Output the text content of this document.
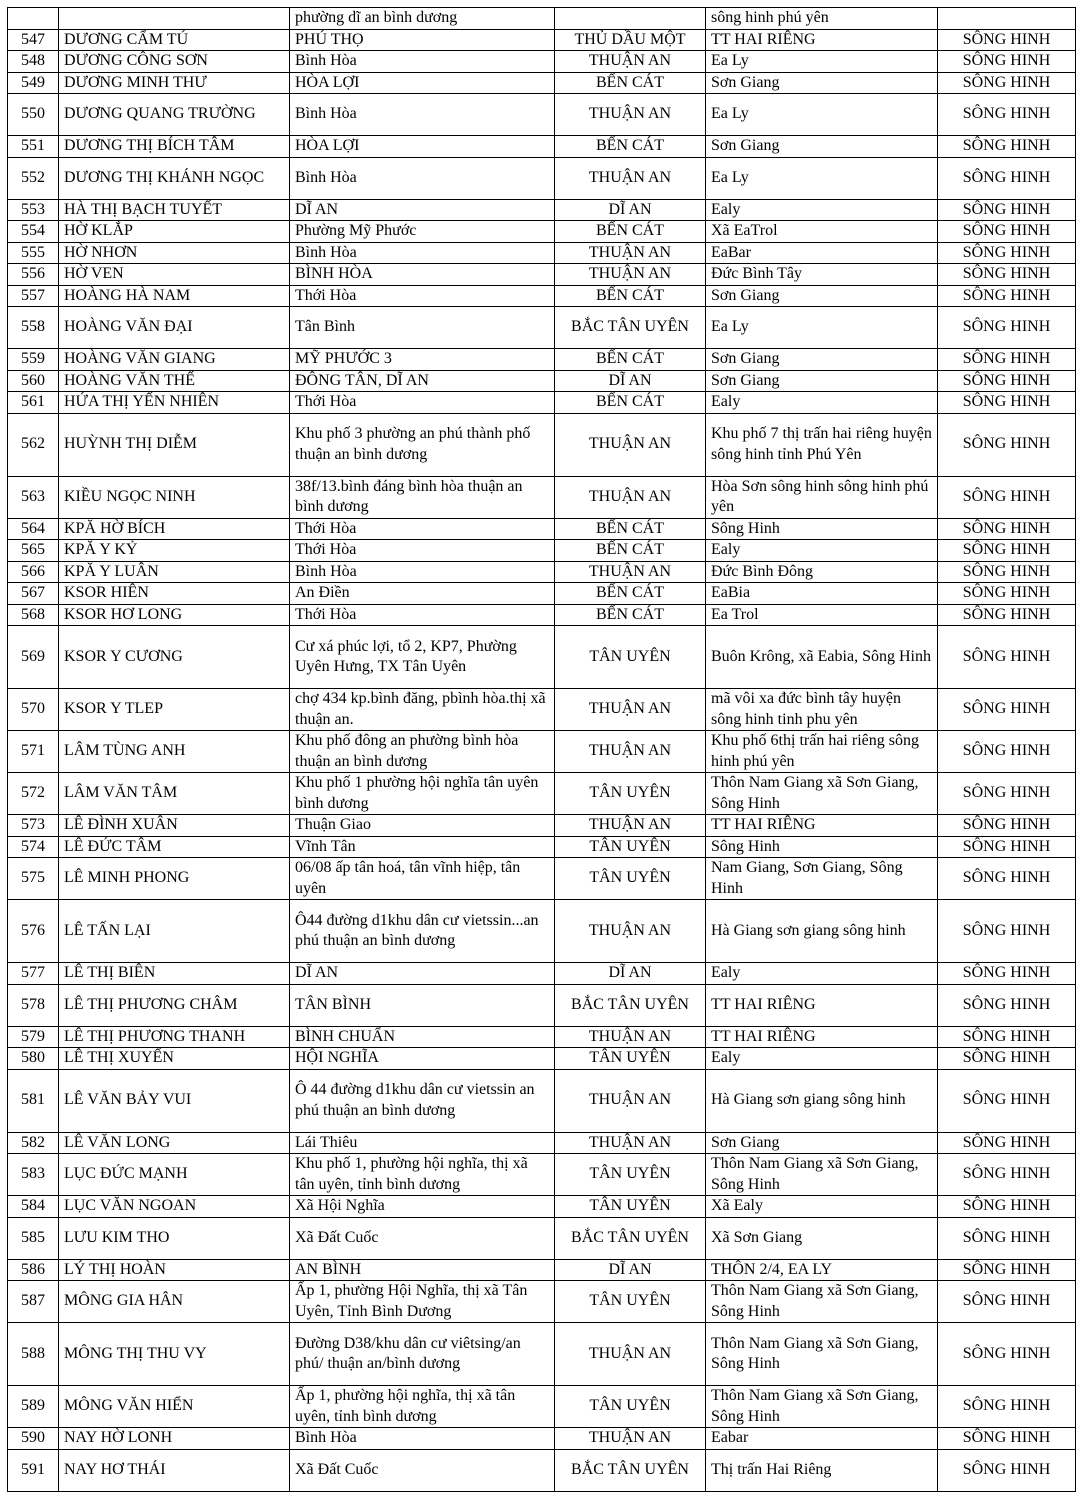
		phường dĩ an bình dương		sông hinh phú yên	
547	DƯƠNG CẨM TÚ	PHÚ THỌ	THỦ DẦU MỘT	TT HAI RIÊNG	SÔNG HINH
548	DƯƠNG CÔNG SƠN	Bình Hòa	THUẬN AN	Ea Ly	SÔNG HINH
549	DƯƠNG MINH THƯ	HÒA LỢI	BẾN CÁT	Sơn Giang	SÔNG HINH
550	DƯƠNG QUANG TRƯỜNG	Bình Hòa	THUẬN AN	Ea Ly	SÔNG HINH
551	DƯƠNG THỊ BÍCH TÂM	HÒA LỢI	BẾN CÁT	Sơn Giang	SÔNG HINH
552	DƯƠNG THỊ KHÁNH NGỌC	Bình Hòa	THUẬN AN	Ea Ly	SÔNG HINH
553	HÀ THỊ BẠCH TUYẾT	DĨ AN	DĨ AN	Ealy	SÔNG HINH
554	HỜ KLẮP	Phường Mỹ Phước	BẾN CÁT	Xã EaTrol	SÔNG HINH
555	HỜ NHƠN	Bình Hòa	THUẬN AN	EaBar	SÔNG HINH
556	HỜ VEN	BÌNH HÒA	THUẬN AN	Đức Bình Tây	SÔNG HINH
557	HOÀNG HÀ NAM	Thới Hòa	BẾN CÁT	Sơn Giang	SÔNG HINH
558	HOÀNG VĂN ĐẠI	Tân Bình	BẮC TÂN UYÊN	Ea Ly	SÔNG HINH
559	HOÀNG VĂN GIANG	MỸ PHƯỚC 3	BẾN CÁT	Sơn Giang	SÔNG HINH
560	HOÀNG VĂN THẾ	ĐÔNG TÂN, DĨ AN	DĨ AN	Sơn Giang	SÔNG HINH
561	HỨA THỊ YẾN NHIÊN	Thới Hòa	BẾN CÁT	Ealy	SÔNG HINH
562	HUỲNH THỊ DIỄM	Khu phố 3 phường an phú thành phố thuận an bình dương	THUẬN AN	Khu phố 7 thị trấn hai riêng huyện sông hinh tỉnh Phú Yên	SÔNG HINH
563	KIỀU NGỌC NINH	38f/13.bình đáng bình hòa thuận an bình dương	THUẬN AN	Hòa Sơn sông hinh sông hinh phú yên	SÔNG HINH
564	KPĂ HỜ BÍCH	Thới Hòa	BẾN CÁT	Sông Hinh	SÔNG HINH
565	KPĂ Y KỶ	Thới Hòa	BẾN CÁT	Ealy	SÔNG HINH
566	KPĂ Y LUÂN	Bình Hòa	THUẬN AN	Đức Bình Đông	SÔNG HINH
567	KSOR HIÊN	An Điền	BẾN CÁT	EaBia	SÔNG HINH
568	KSOR HƠ LONG	Thới Hòa	BẾN CÁT	Ea Trol	SÔNG HINH
569	KSOR Y CƯƠNG	Cư xá phúc lợi, tổ 2, KP7, Phường Uyên Hưng, TX Tân Uyên	TÂN UYÊN	Buôn Krông, xã Eabia, Sông Hinh	SÔNG HINH
570	KSOR Y TLEP	chợ 434 kp.bình đăng, pbình hòa.thị xã thuận an.	THUẬN AN	mã vôi xa đức bình tây huyện sông hinh tinh phu yên	SÔNG HINH
571	LÂM TÙNG ANH	Khu phố đông an phường bình hòa thuận an bình dương	THUẬN AN	Khu phố 6thị trấn hai riêng sông hinh phú yên	SÔNG HINH
572	LÂM VĂN TÂM	Khu phố 1 phường hội nghĩa tân uyên bình dương	TÂN UYÊN	Thôn Nam Giang xã Sơn Giang, Sông Hinh	SÔNG HINH
573	LÊ ĐÌNH XUÂN	Thuận Giao	THUẬN AN	TT HAI RIÊNG	SÔNG HINH
574	LÊ ĐỨC TÂM	Vĩnh Tân	TÂN UYÊN	Sông Hinh	SÔNG HINH
575	LÊ MINH PHONG	06/08 ấp tân hoá, tân vĩnh hiệp, tân uyên	TÂN UYÊN	Nam Giang, Sơn Giang, Sông Hinh	SÔNG HINH
576	LÊ TẤN LẠI	Ô44 đường d1khu dân cư vietssin...an phú thuận an bình dương	THUẬN AN	Hà Giang sơn giang sông hinh	SÔNG HINH
577	LÊ THỊ BIÊN	DĨ AN	DĨ AN	Ealy	SÔNG HINH
578	LÊ THỊ PHƯƠNG CHÂM	TÂN BÌNH	BẮC TÂN UYÊN	TT HAI RIÊNG	SÔNG HINH
579	LÊ THỊ PHƯƠNG THANH	BÌNH CHUẨN	THUẬN AN	TT HAI RIÊNG	SÔNG HINH
580	LÊ THỊ XUYẾN	HỘI NGHĨA	TÂN UYÊN	Ealy	SÔNG HINH
581	LÊ VĂN BẢY VUI	Ô 44 đường d1khu dân cư vietssin an phú thuận an bình dương	THUẬN AN	Hà Giang sơn giang sông hinh	SÔNG HINH
582	LÊ VĂN LONG	Lái Thiêu	THUẬN AN	Sơn Giang	SÔNG HINH
583	LỤC ĐỨC MẠNH	Khu phố 1, phường hội nghĩa, thị xã tân uyên, tỉnh bình dương	TÂN UYÊN	Thôn Nam Giang xã Sơn Giang, Sông Hinh	SÔNG HINH
584	LỤC VĂN NGOAN	Xã Hội Nghĩa	TÂN UYÊN	Xã Ealy	SÔNG HINH
585	LƯU KIM THO	Xã Đất Cuốc	BẮC TÂN UYÊN	Xã Sơn Giang	SÔNG HINH
586	LÝ THỊ HOÀN	AN BÌNH	DĨ AN	THÔN 2/4, EA LY	SÔNG HINH
587	MÔNG GIA HÂN	Ấp 1, phường Hội Nghĩa, thị xã Tân Uyên, Tỉnh Bình Dương	TÂN UYÊN	Thôn Nam Giang xã Sơn Giang, Sông Hinh	SÔNG HINH
588	MÔNG THỊ THU VY	Đường D38/khu dân cư viêtsing/an phú/ thuận an/bình dương	THUẬN AN	Thôn Nam Giang xã Sơn Giang, Sông Hinh	SÔNG HINH
589	MÔNG VĂN HIỂN	Ấp 1, phường hội nghĩa, thị xã tân uyên, tỉnh bình dương	TÂN UYÊN	Thôn Nam Giang xã Sơn Giang, Sông Hinh	SÔNG HINH
590	NAY HỜ LONH	Bình Hòa	THUẬN AN	Eabar	SÔNG HINH
591	NAY HƠ THÁI	Xã Đất Cuốc	BẮC TÂN UYÊN	Thị trấn Hai Riêng	SÔNG HINH
